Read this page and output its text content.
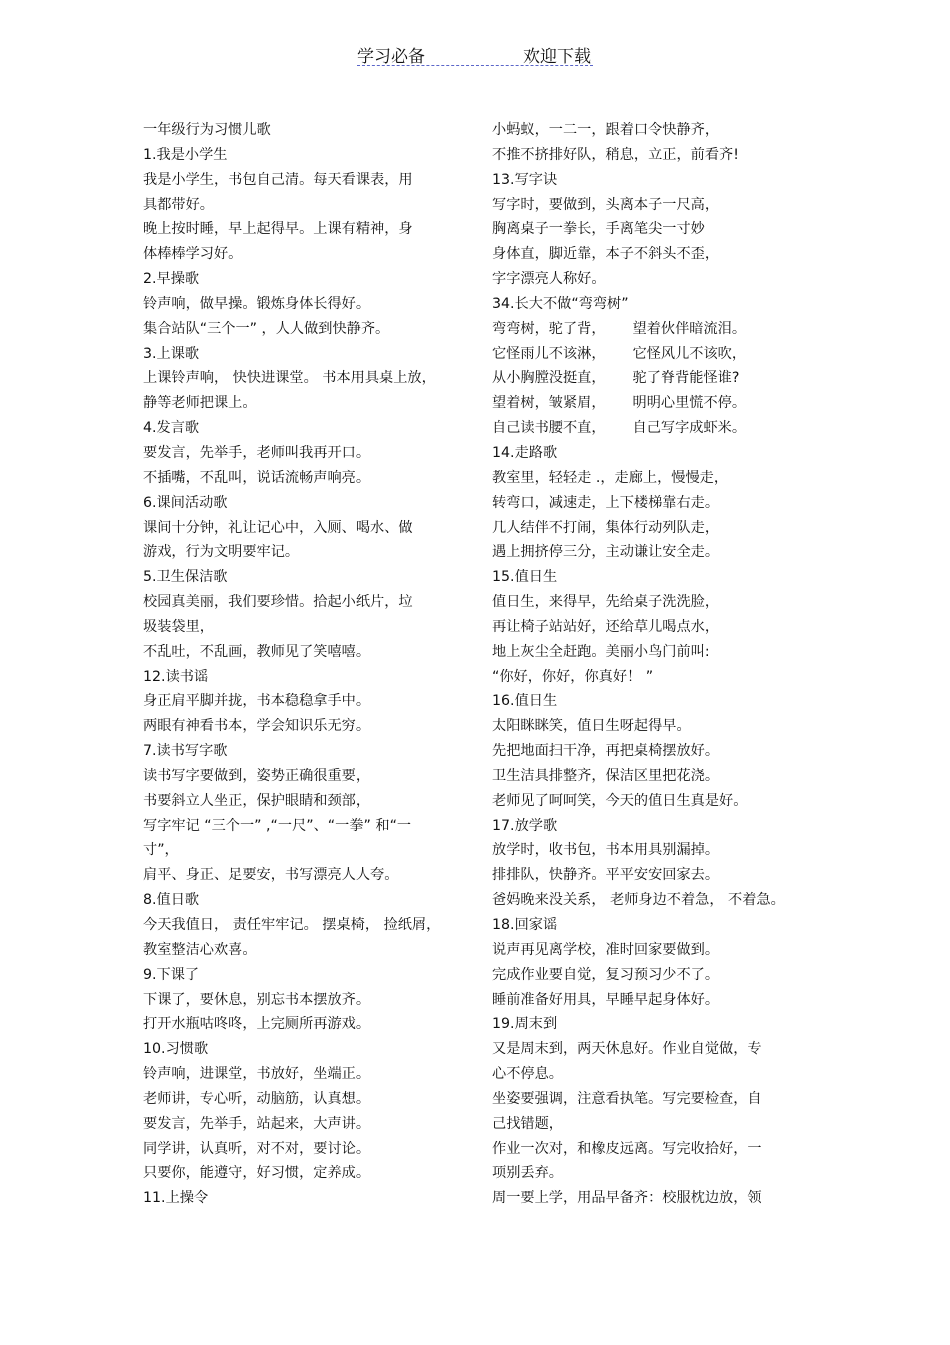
学习必备	欢迎下载
一年级行为习惯儿歌
1.我是小学生
我是小学生，书包自己清。每天看课表，用
具都带好。
晚上按时睡，早上起得早。上课有精神，身
体棒棒学习好。
2.早操歌
铃声响，做早操。锻炼身体长得好。
集合站队“三个一” ，人人做到快静齐。
3.上课歌
上课铃声响， 快快进课堂。 书本用具桌上放，
静等老师把课上。
4.发言歌
要发言，先举手，老师叫我再开口。
不插嘴，不乱叫，说话流畅声响亮。
6.课间活动歌
课间十分钟，礼让记心中，入厕、喝水、做
游戏，行为文明要牢记。
5.卫生保洁歌
校园真美丽，我们要珍惜。拾起小纸片，垃
圾装袋里，
不乱吐，不乱画，教师见了笑嘻嘻。
12.读书谣
身正肩平脚并拢，书本稳稳拿手中。
两眼有神看书本，学会知识乐无穷。
7.读书写字歌
读书写字要做到，姿势正确很重要，
书要斜立人坐正，保护眼睛和颈部，
写字牢记 “三个一” ,“一尺”、“一拳” 和“一
寸”，
肩平、身正、足要安，书写漂亮人人夸。
8.值日歌
今天我值日， 责任牢牢记。 摆桌椅， 捡纸屑，
教室整洁心欢喜。
9.下课了
下课了，要休息，别忘书本摆放齐。
打开水瓶咕咚咚，上完厕所再游戏。
10.习惯歌
铃声响，进课堂，书放好，坐端正。
老师讲，专心听，动脑筋，认真想。
要发言，先举手，站起来，大声讲。
同学讲，认真听，对不对，要讨论。
只要你，能遵守，好习惯，定养成。
11.上操令
小蚂蚁，一二一，跟着口令快静齐，
不推不挤排好队，稍息，立正，前看齐!
13.写字诀
写字时，要做到，头离本子一尺高，
胸离桌子一拳长，手离笔尖一寸妙
身体直，脚近靠，本子不斜头不歪，
字字漂亮人称好。
34.长大不做“弯弯树”
弯弯树，驼了背，      望着伙伴暗流泪。
它怪雨儿不该淋，      它怪风儿不该吹，
从小胸膛没挺直，      驼了脊背能怪谁?
望着树，皱紧眉，      明明心里慌不停。
自己读书腰不直，      自己写字成虾米。
14.走路歌
教室里，轻轻走 .，走廊上，慢慢走，
转弯口，减速走，上下楼梯靠右走。
几人结伴不打闹，集体行动列队走，
遇上拥挤停三分，主动谦让安全走。
15.值日生
值日生，来得早，先给桌子洗洗脸，
再让椅子站站好，还给草儿喝点水，
地上灰尘全赶跑。美丽小鸟门前叫:
“你好，你好，你真好！ ”
16.值日生
太阳眯眯笑，值日生呀起得早。
先把地面扫干净，再把桌椅摆放好。
卫生洁具排整齐，保洁区里把花浇。
老师见了呵呵笑，今天的值日生真是好。
17.放学歌
放学时，收书包，书本用具别漏掉。
排排队，快静齐。平平安安回家去。
爸妈晚来没关系， 老师身边不着急， 不着急。
18.回家谣
说声再见离学校，准时回家要做到。
完成作业要自觉，复习预习少不了。
睡前准备好用具，早睡早起身体好。
19.周末到
又是周末到，两天休息好。作业自觉做，专
心不停息。
坐姿要强调，注意看执笔。写完要检查，自
己找错题，
作业一次对，和橡皮远离。写完收拾好，一
项别丢弃。
周一要上学，用品早备齐：校服枕边放，领
